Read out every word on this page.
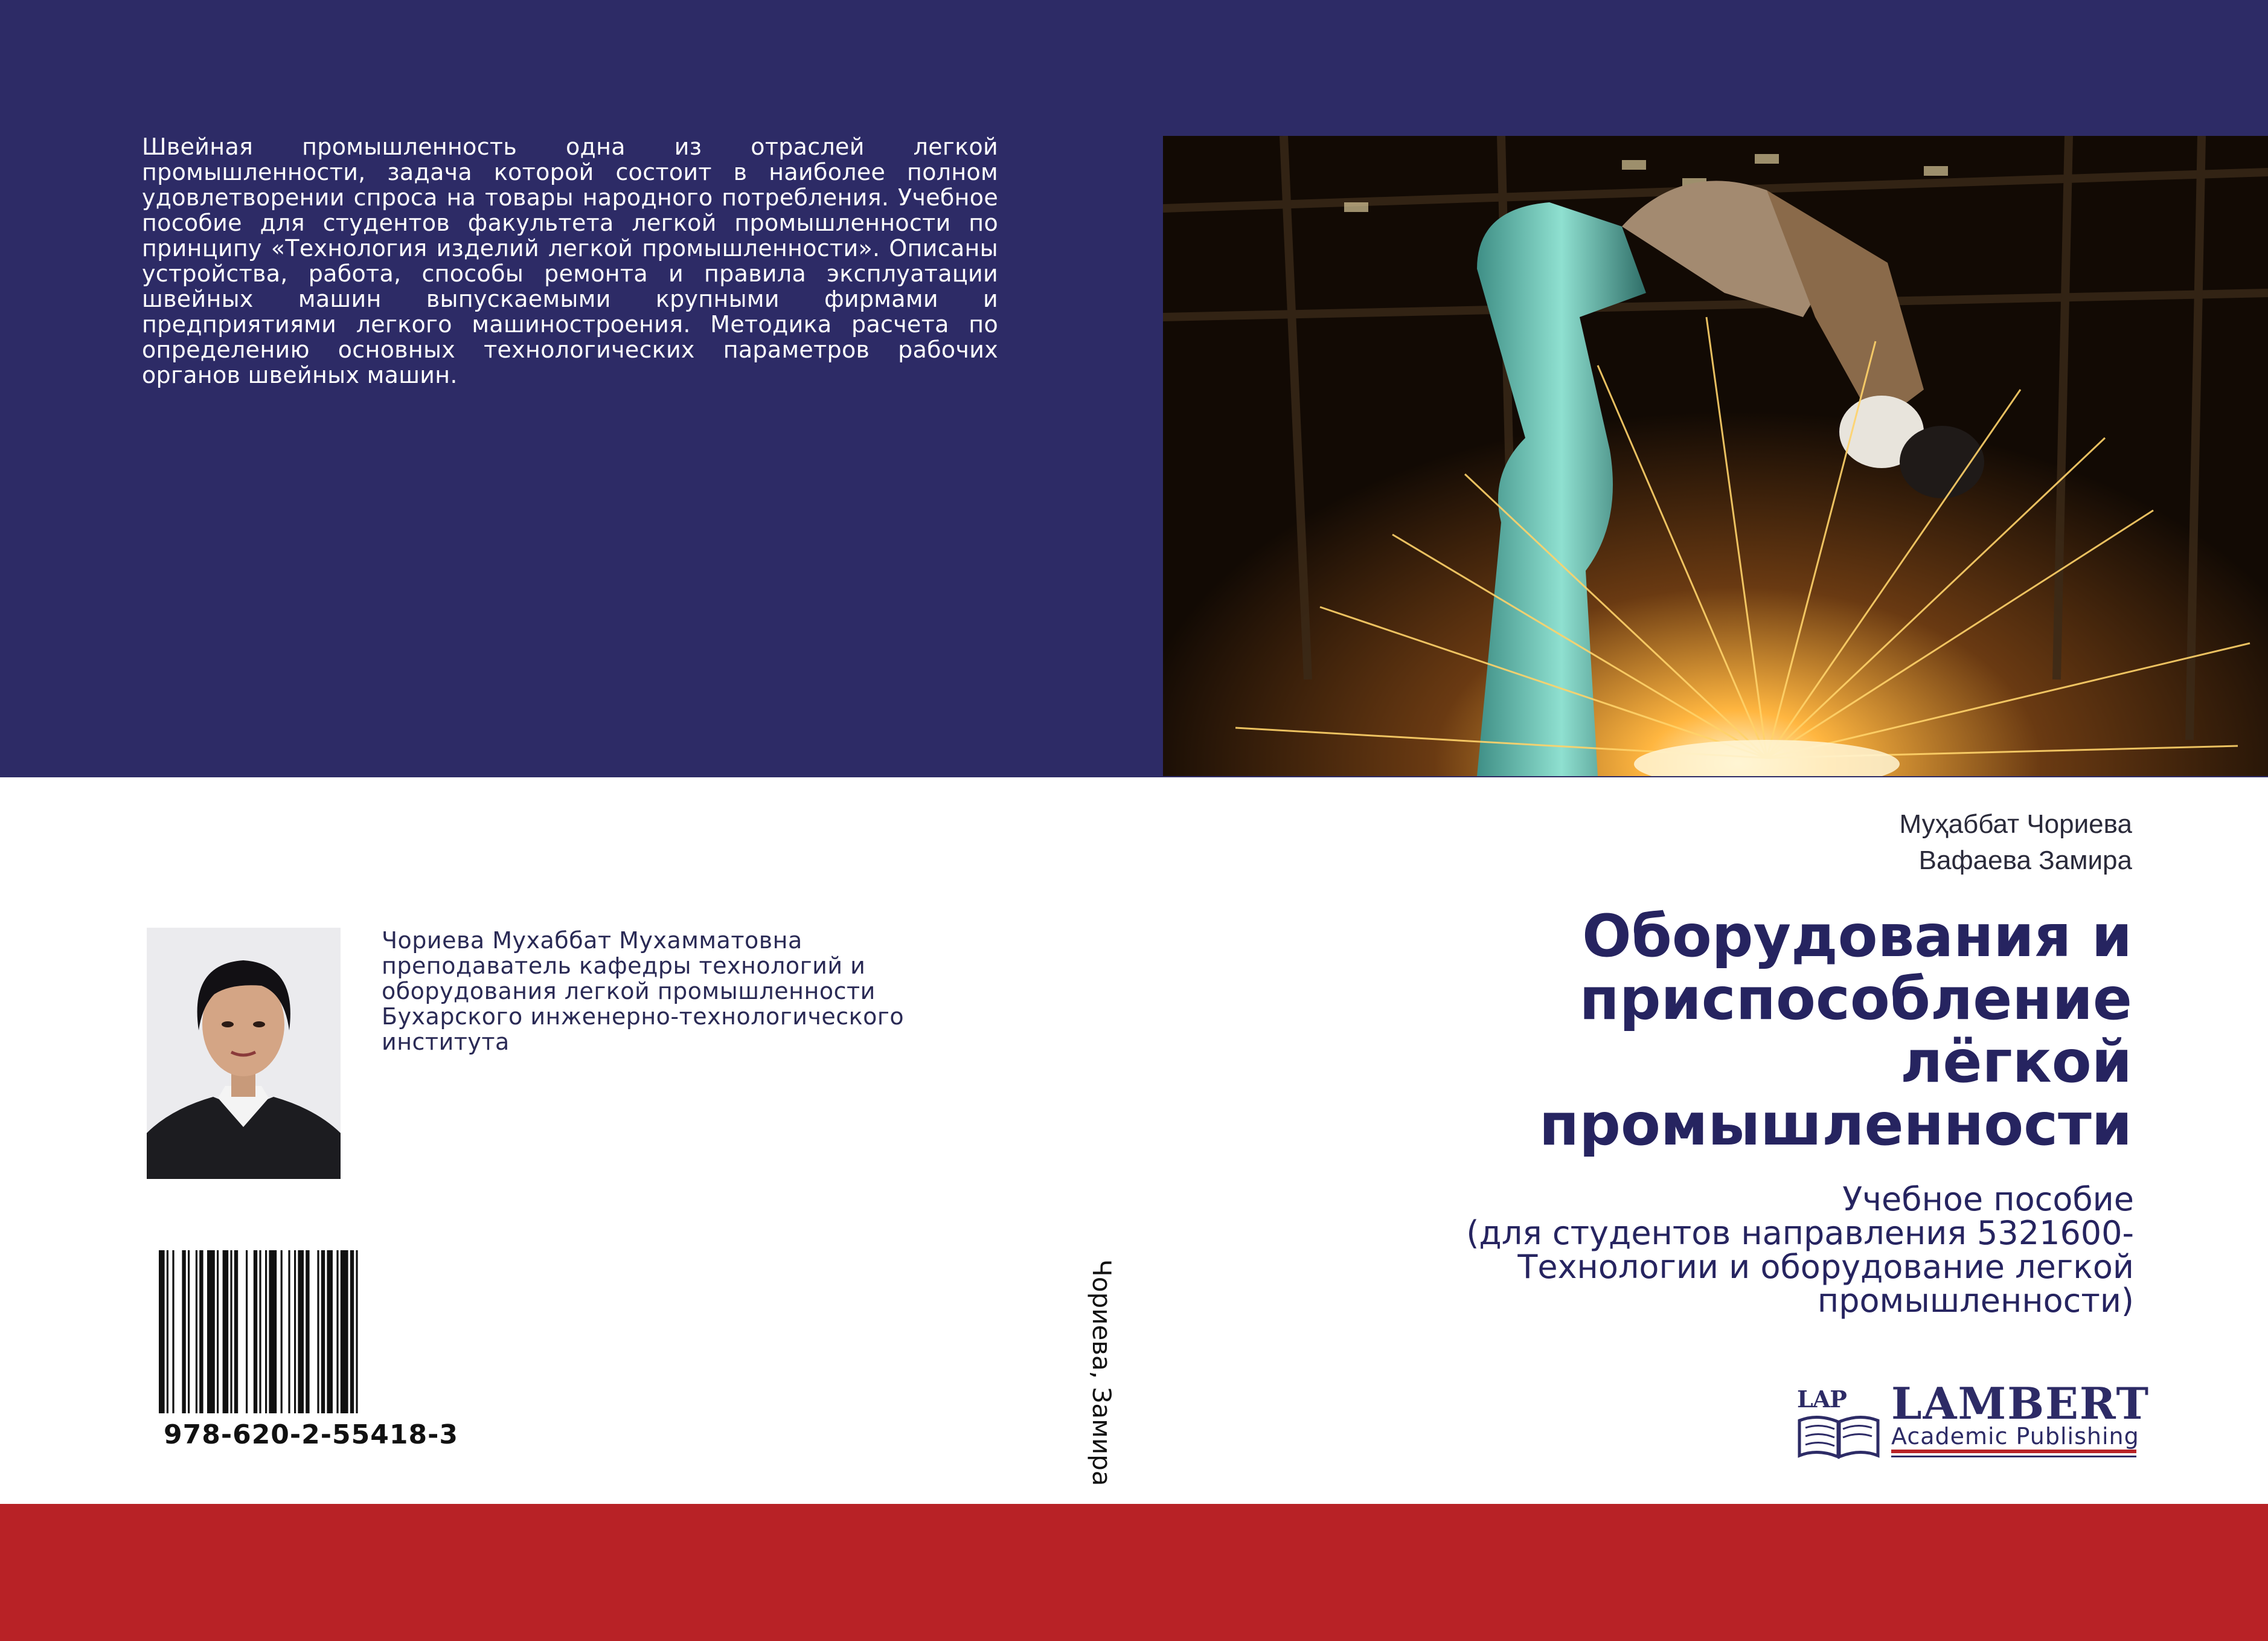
Швейная промышленность одна из отраслей легкой промышленности, задача которой состоит в наиболее полном удовлетворении спроса на товары народного потребления. Учебное пособие для студентов факультета легкой промышленности по принципу «Технология изделий легкой промышленности». Описаны устройства, работа, способы ремонта и правила эксплуатации швейных машин выпускаемыми крупными фирмами и предприятиями легкого машиностроения. Методика расчета по определению основных технологических параметров рабочих органов швейных машин.
Муҳаббат Чориева
Вафаева Замира
Оборудования и
приспособление
лёгкой
промышленности
Учебное пособие
(для студентов направления 5321600-
Технологии и оборудование легкой
промышленности)
Чориева Мухаббат Мухамматовна преподаватель кафедры технологий и оборудования легкой промышленности Бухарского инженерно-технологического института
978-620-2-55418-3	Чориева, Замира	LAP LAMBERT
Academic Publishing
